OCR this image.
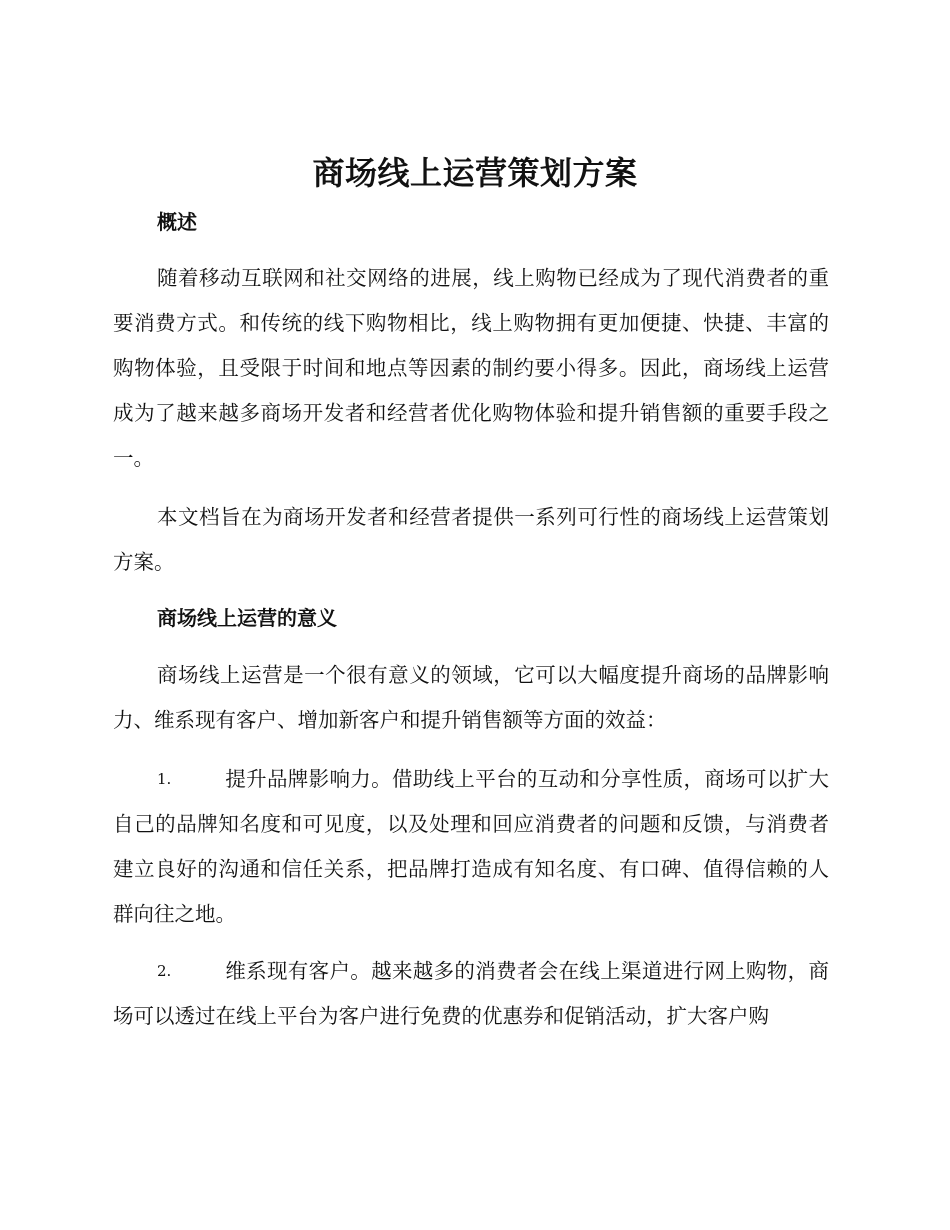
商场线上运营策划方案
概述

随着移动互联网和社交网络的进展，线上购物已经成为了现代消费者的重要消费方式。和传统的线下购物相比，线上购物拥有更加便捷、快捷、丰富的购物体验，且受限于时间和地点等因素的制约要小得多。因此，商场线上运营成为了越来越多商场开发者和经营者优化购物体验和提升销售额的重要手段之一。

本文档旨在为商场开发者和经营者提供一系列可行性的商场线上运营策划方案。

商场线上运营的意义

商场线上运营是一个很有意义的领域，它可以大幅度提升商场的品牌影响力、维系现有客户、增加新客户和提升销售额等方面的效益：

1.	提升品牌影响力。借助线上平台的互动和分享性质，商场可以扩大自己的品牌知名度和可见度，以及处理和回应消费者的问题和反馈，与消费者建立良好的沟通和信任关系，把品牌打造成有知名度、有口碑、值得信赖的人群向往之地。

2.	维系现有客户。越来越多的消费者会在线上渠道进行网上购物，商场可以透过在线上平台为客户进行免费的优惠券和促销活动，扩大客户购
